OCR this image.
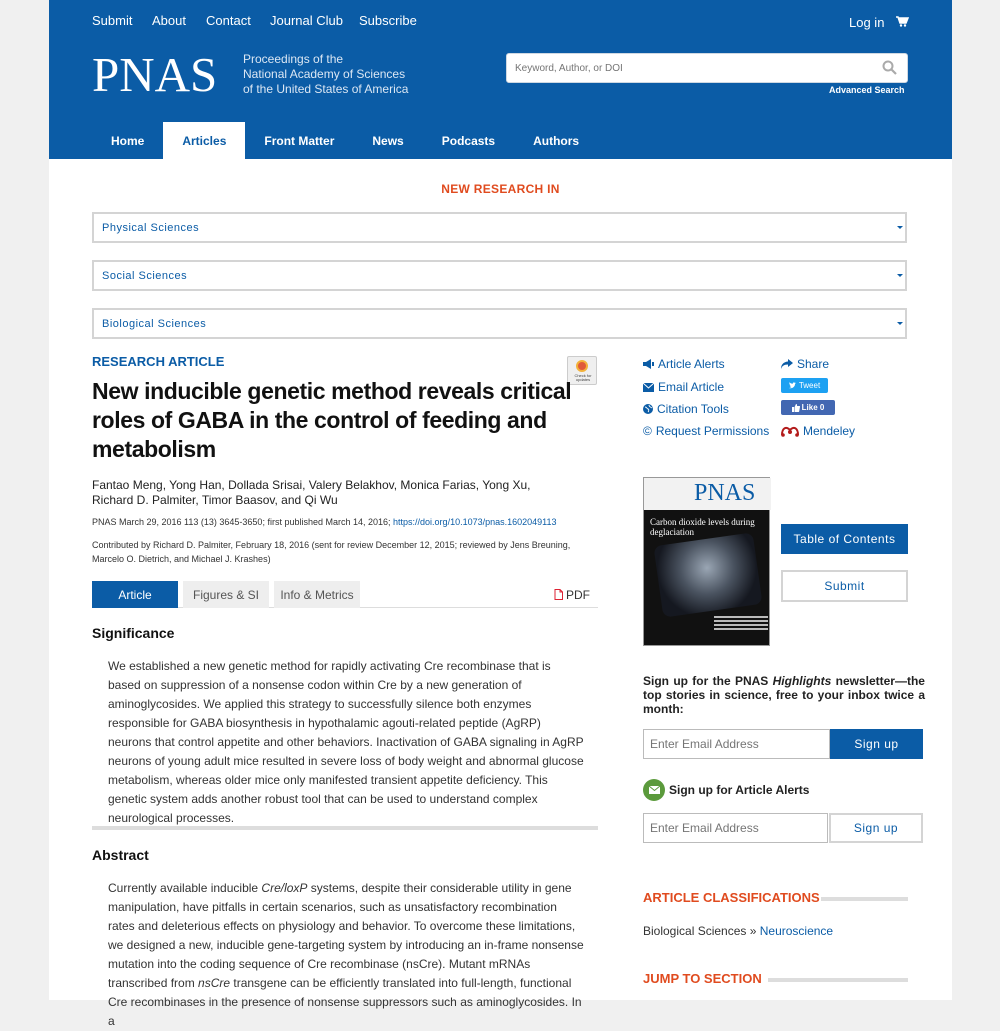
Submit About Contact Journal Club Subscribe	Log in
PNAS Proceedings of the
National Academy of Sciences
of the United States of America
Keyword, Author, or DOI	Advanced Search
Home	Articles	Front Matter	News	Podcasts	Authors
NEW RESEARCH IN
Physical Sciences
Social Sciences
Biological Sciences
RESEARCH ARTICLE
Check for updates
New inducible genetic method reveals critical roles of GABA in the control of feeding and metabolism
Fantao Meng, Yong Han, Dollada Srisai, Valery Belakhov, Monica Farias, Yong Xu, Richard D. Palmiter, Timor Baasov, and Qi Wu
PNAS March 29, 2016 113 (13) 3645-3650; first published March 14, 2016; https://doi.org/10.1073/pnas.1602049113
Contributed by Richard D. Palmiter, February 18, 2016 (sent for review December 12, 2015; reviewed by Jens Breuning, Marcelo O. Dietrich, and Michael J. Krashes)
Article	Figures & SI	Info & Metrics	PDF
Significance

We established a new genetic method for rapidly activating Cre recombinase that is based on suppression of a nonsense codon within Cre by a new generation of aminoglycosides. We applied this strategy to successfully silence both enzymes responsible for GABA biosynthesis in hypothalamic agouti-related peptide (AgRP) neurons that control appetite and other behaviors. Inactivation of GABA signaling in AgRP neurons of young adult mice resulted in severe loss of body weight and abnormal glucose metabolism, whereas older mice only manifested transient appetite deficiency. This genetic system adds another robust tool that can be used to understand complex neurological processes.

Abstract

Currently available inducible Cre/loxP systems, despite their considerable utility in gene manipulation, have pitfalls in certain scenarios, such as unsatisfactory recombination rates and deleterious effects on physiology and behavior. To overcome these limitations, we designed a new, inducible gene-targeting system by introducing an in-frame nonsense mutation into the coding sequence of Cre recombinase (nsCre). Mutant mRNAs transcribed from nsCre transgene can be efficiently translated into full-length, functional Cre recombinases in the presence of nonsense suppressors such as aminoglycosides. In a

Article Alerts
Email Article
Citation Tools
© Request Permissions
Share
Tweet
Like 0
Mendeley
PNAS
Carbon dioxide levels during deglaciation	Table of Contents
Submit
Sign up for the PNAS Highlights newsletter—the top stories in science, free to your inbox twice a month:
Enter Email Address
Sign up
Sign up for Article Alerts
Enter Email Address
Sign up
ARTICLE CLASSIFICATIONS
Biological Sciences » Neuroscience
JUMP TO SECTION
